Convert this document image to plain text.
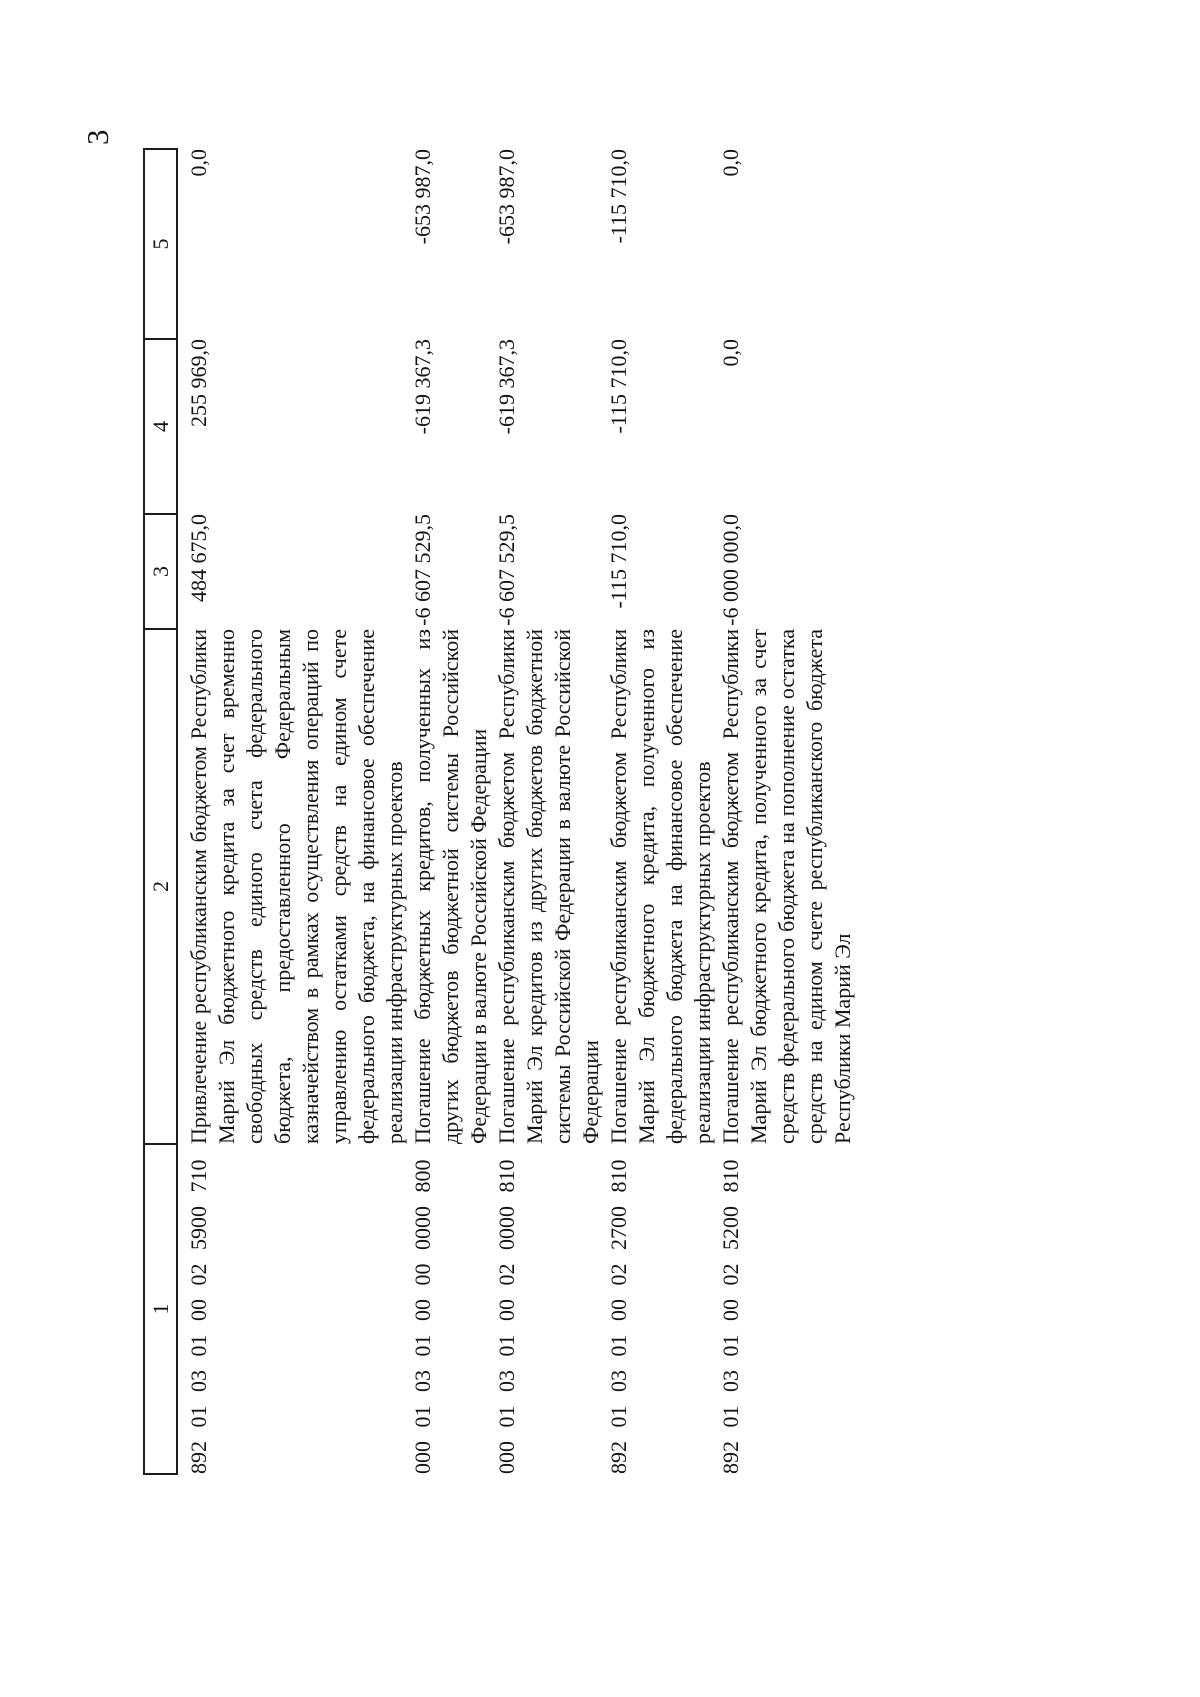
3
1	2	3	4	5
892 01 03 01 00 02 5900 710	Привлечение республиканским бюджетом Республики Марий Эл бюджетного кредита за счет временно свободных средств единого счета федерального бюджета, предоставленного Федеральным казначейством в рамках осуществления операций по управлению остатками средств на едином счете федерального бюджета, на финансовое обеспечение реализации инфраструктурных проектов	484 675,0	255 969,0	0,0
000 01 03 01 00 00 0000 800	Погашение бюджетных кредитов, полученных из других бюджетов бюджетной системы Российской Федерации в валюте Российской Федерации	-6 607 529,5	-619 367,3	-653 987,0
000 01 03 01 00 02 0000 810	Погашение республиканским бюджетом Республики Марий Эл кредитов из других бюджетов бюджетной системы Российской Федерации в валюте Российской Федерации	-6 607 529,5	-619 367,3	-653 987,0
892 01 03 01 00 02 2700 810	Погашение республиканским бюджетом Республики Марий Эл бюджетного кредита, полученного из федерального бюджета на финансовое обеспечение реализации инфраструктурных проектов	-115 710,0	-115 710,0	-115 710,0
892 01 03 01 00 02 5200 810	Погашение республиканским бюджетом Республики Марий Эл бюджетного кредита, полученного за счет средств федерального бюджета на пополнение остатка средств на едином счете республиканского бюджета Республики Марий Эл	-6 000 000,0	0,0	0,0
